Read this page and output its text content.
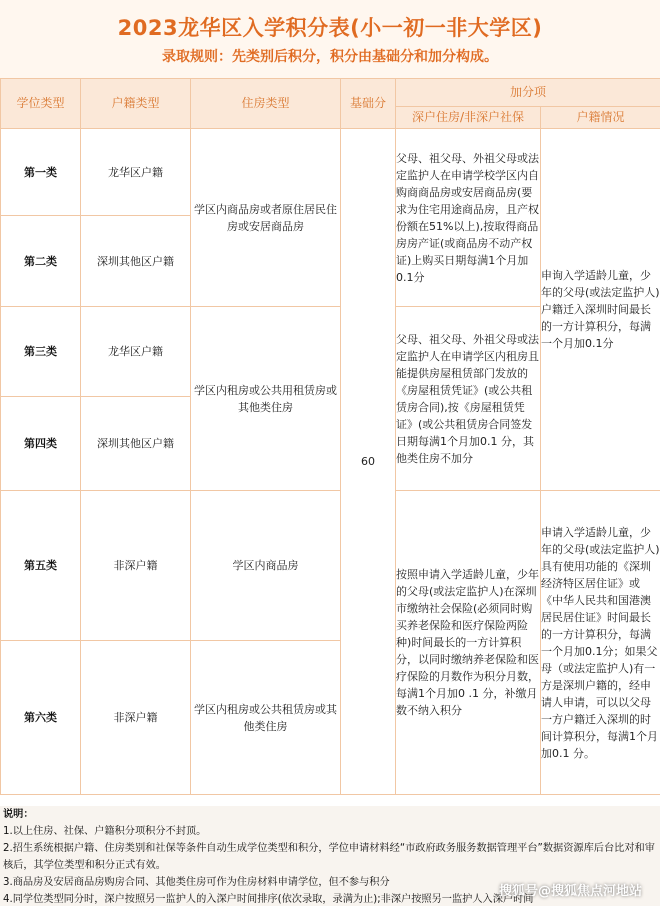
2023龙华区入学积分表(小一初一非大学区)
录取规则：先类别后积分，积分由基础分和加分构成。
学位类型	户籍类型	住房类型	基础分	加分项	
				深户住房/非深户社保	户籍情况
第一类	龙华区户籍	学区内商品房或者原住居民住房或安居商品房	60	父母、祖父母、外祖父母或法定监护人在申请学校学区内自购商商品房或安居商品房(要求为住宅用途商品房，且产权份额在51%以上),按取得商品房房产证(或商品房不动产权证)上购买日期每满1个月加0.1分	申询入学适龄儿童，少年的父母(或法定监护人)户籍迁入深圳时间最长的一方计算积分，每满一个月加0.1分
第二类	深圳其他区户籍				
第三类	龙华区户籍	学区内租房或公共用租赁房或其他类住房		父母、祖父母、外祖父母或法定监护人在申请学区内租房且能提供房屋租赁部门发放的《房屋租赁凭证》(或公共租赁房合同),按《房屋租赁凭证》(或公共租赁房合同签发日期每满1个月加0.1 分，其他类住房不加分	
第四类	深圳其他区户籍				
第五类	非深户籍	学区内商品房		按照申请入学适龄儿童，少年的父母(或法定监护人)在深圳市缴纳社会保险(必须同时购买养老保险和医疗保险两险种)时间最长的一方计算积分，以同时缴纳养老保险和医疗保险的月数作为积分月数，每满1个月加0 .1 分，补缴月数不纳入积分	申请入学适龄儿童，少年的父母(或法定监护人)具有使用功能的《深圳经济特区居住证》或《中华人民共和国港澳居民居住证》时间最长的一方计算积分，每满一个月加0.1分；如果父母（或法定监护人)有一方是深圳户籍的，经申请人申请，可以以父母一方户籍迁入深圳的时间计算积分，每满1个月加0.1 分。
第六类	非深户籍	学区内租房或公共租赁房或其他类住房			
说明：
1.以上住房、社保、户籍积分项积分不封顶。
2.招生系统根据户籍、住房类别和社保等条件自动生成学位类型和积分，学位申请材料经“市政府政务服务数据管理平台”数据资源库后台比对和审核后，其学位类型和积分正式有效。
3.商品房及安居商品房购房合同、其他类住房可作为住房材料申请学位，但不参与积分
4.同学位类型同分时，深户按照另一监护人的入深户时间排序(依次录取，录满为止);非深户按照另一监护人入深户时间
搜狐号@搜狐焦点河地站
